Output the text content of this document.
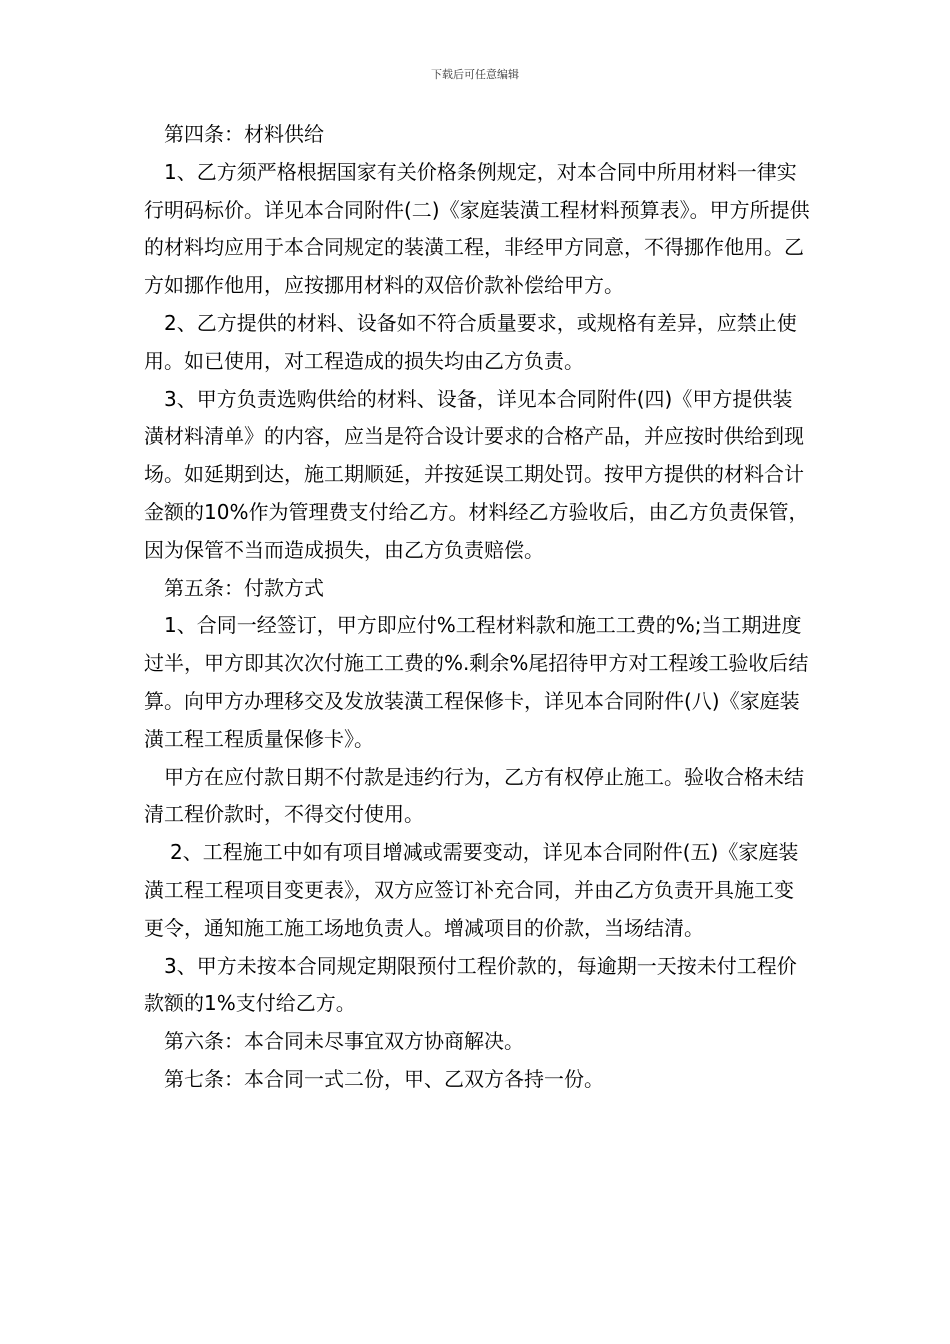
下载后可任意编辑

第四条：材料供给

1、乙方须严格根据国家有关价格条例规定，对本合同中所用材料一律实行明码标价。详见本合同附件(二)《家庭装潢工程材料预算表》。甲方所提供的材料均应用于本合同规定的装潢工程，非经甲方同意，不得挪作他用。乙方如挪作他用，应按挪用材料的双倍价款补偿给甲方。

2、乙方提供的材料、设备如不符合质量要求，或规格有差异，应禁止使用。如已使用，对工程造成的损失均由乙方负责。

3、甲方负责选购供给的材料、设备，详见本合同附件(四)《甲方提供装潢材料清单》的内容，应当是符合设计要求的合格产品，并应按时供给到现场。如延期到达，施工期顺延，并按延误工期处罚。按甲方提供的材料合计金额的10%作为管理费支付给乙方。材料经乙方验收后，由乙方负责保管，因为保管不当而造成损失，由乙方负责赔偿。

第五条：付款方式

1、合同一经签订，甲方即应付%工程材料款和施工工费的%;当工期进度过半，甲方即其次次付施工工费的%.剩余%尾招待甲方对工程竣工验收后结算。向甲方办理移交及发放装潢工程保修卡，详见本合同附件(八)《家庭装潢工程工程质量保修卡》。

甲方在应付款日期不付款是违约行为，乙方有权停止施工。验收合格未结清工程价款时，不得交付使用。

2、工程施工中如有项目增减或需要变动，详见本合同附件(五)《家庭装潢工程工程项目变更表》，双方应签订补充合同，并由乙方负责开具施工变更令，通知施工施工场地负责人。增减项目的价款，当场结清。

3、甲方未按本合同规定期限预付工程价款的，每逾期一天按未付工程价款额的1%支付给乙方。

第六条：本合同未尽事宜双方协商解决。

第七条：本合同一式二份，甲、乙双方各持一份。
